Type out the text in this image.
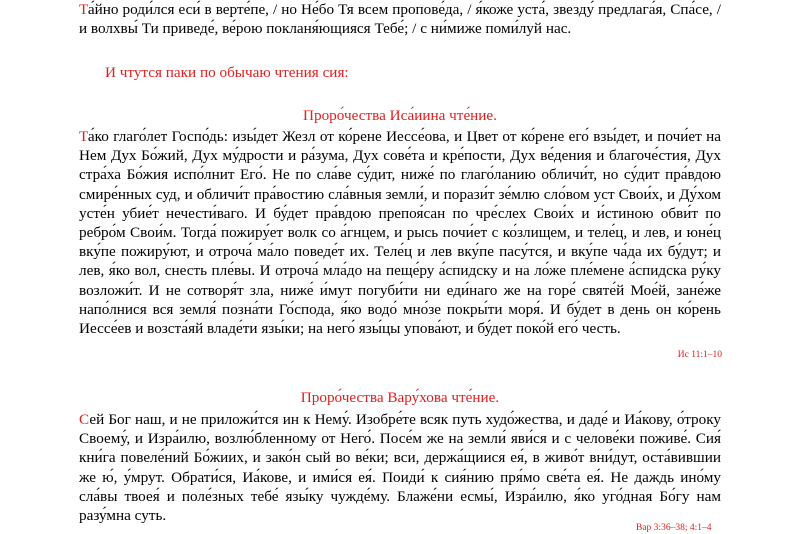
Та́йно роди́лся еси́ в верте́пе, / но Не́бо Тя всем пропове́да, / я́коже уста́, звезду́ предлага́я, Спа́се, / и волхвы́ Ти приведе́, ве́рою покланя́ющияся Тебе́; / с ни́миже поми́луй нас.

И чтутся паки по обычаю чтения сия:

Проро́чества Иса́иина чте́ние.

Та́ко глаго́лет Госпо́дь: изы́дет Жезл от ко́рене Иессе́ова, и Цвет от ко́рене его́ взы́дет, и почи́ет на Нем Дух Бо́жий, Дух му́дрости и ра́зума, Дух сове́та и кре́пости, Дух ве́дения и благоче́стия, Дух стра́ха Бо́жия испо́лнит Его́. Не по сла́ве су́дит, ниже́ по глаго́ланию обличи́т, но су́дит пра́вдою смире́нных суд, и обличи́т пра́востию сла́вныя земли́, и порази́т зе́млю сло́вом уст Свои́х, и Ду́хом усте́н убие́т нечести́ваго. И бу́дет пра́вдою препоя́сан по чре́слех Свои́х и и́стиною обви́т по ребро́м Свои́м. Тогда́ пожиру́ет волк со а́гнцем, и рысь почи́ет с ко́злищем, и теле́ц, и лев, и юне́ц вку́пе пожиру́ют, и отроча́ ма́ло поведе́т их. Теле́ц и лев вку́пе пасу́тся, и вку́пе ча́да их бу́дут; и лев, я́ко вол, снесть пле́вы. И отроча́ мла́до на пеще́ру а́спидску и на ло́же пле́мене а́спидска ру́ку возложи́т. И не сотворя́т зла, ниже́ и́мут погуби́ти ни еди́наго же на горе́ святе́й Мое́й, зане́же напо́лнися вся земля́ позна́ти Го́спода, я́ко водо́ мно́зе покры́ти моря́. И бу́дет в день он ко́рень Иессе́ев и возста́яй владе́ти язы́ки; на него́ язы́цы упова́ют, и бу́дет поко́й его́ честь.

Ис 11:1–10

Проро́чества Вару́хова чте́ние.

Сей Бог наш, и не приложи́тся ин к Нему́. Изобре́те всяк путь худо́жества, и даде́ и Иа́кову, о́троку Своему́, и Изра́илю, возлю́бленному от Него́. Посе́м же на земли́ яви́ся и с челове́ки поживе́. Сия́ кни́га повеле́ний Бо́жиих, и зако́н сый во ве́ки; вси, держа́щиися ея́, в живо́т вни́дут, оста́вившии же ю́, у́мрут. Обрати́ся, Иа́кове, и ими́ся ея́. Поиди́ к сия́нию пря́мо све́та ея́. Не даждь ино́му сла́вы твоея́ и поле́зных тебе́ язы́ку чужде́му. Блаже́ни есмы́, Изра́илю, я́ко уго́дная Бо́гу нам разу́мна суть.

Вар 3:36–38; 4:1–4
